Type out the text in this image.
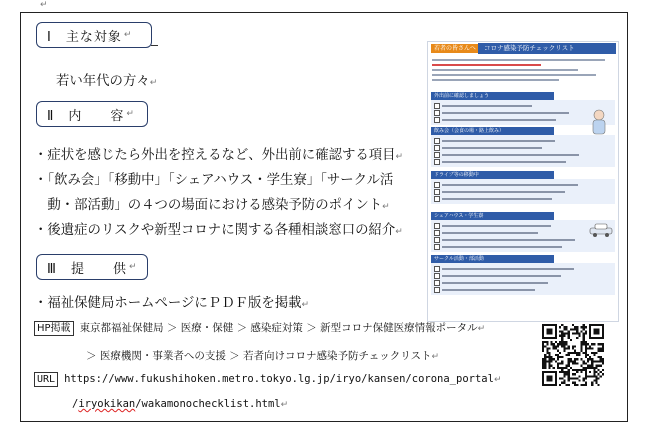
↵
Ⅰ　主な対象 ↵
若い年代の方々↵
Ⅱ　内　　容 ↵
・症状を感じたら外出を控えるなど、外出前に確認する項目↵
・「飲み会」「移動中」「シェアハウス・学生寮」「サークル活
　動・部活動」の４つの場面における感染予防のポイント↵
・後遺症のリスクや新型コロナに関する各種相談窓口の紹介↵
Ⅲ　提　　供 ↵
・福祉保健局ホームページにＰＤＦ版を掲載↵
HP掲載 東京都福祉保健局 ＞ 医療・保健 ＞ 感染症対策 ＞ 新型コロナ保健医療情報ポータル↵
＞ 医療機関・事業者への支援 ＞ 若者向けコロナ感染予防チェックリスト↵
URL https://www.fukushihoken.metro.tokyo.lg.jp/iryo/kansen/corona_portal↵
/iryokikan/wakamonochecklist.html↵
若者の皆さんへ	コロナ感染予防チェックリスト
外出前に確認しましょう
飲み会（会食の場・路上飲み）
ドライブ等の移動中
シェアハウス・学生寮
サークル活動・部活動
